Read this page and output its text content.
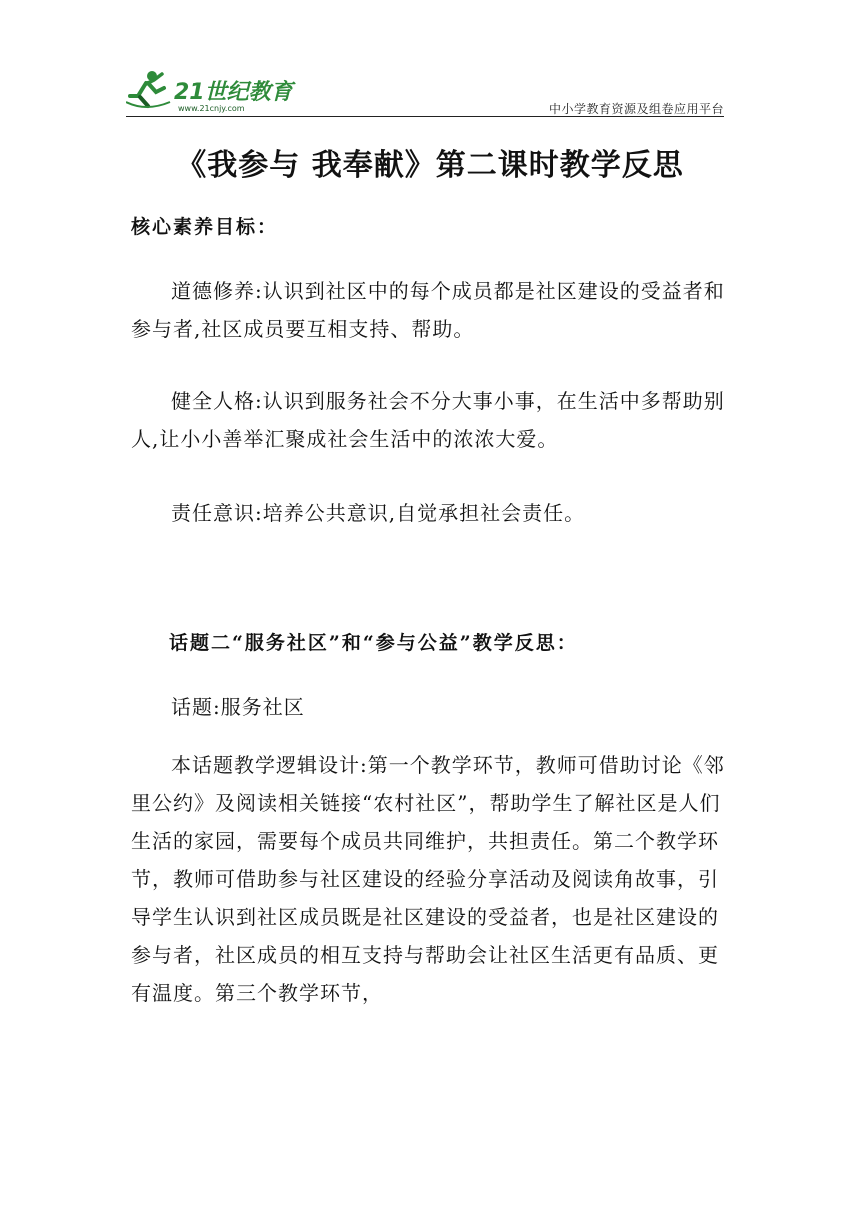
21世纪教育
www.21cnjy.com	中小学教育资源及组卷应用平台
《我参与 我奉献》第二课时教学反思
核心素养目标：

道德修养:认识到社区中的每个成员都是社区建设的受益者和参与者,社区成员要互相支持、帮助。

健全人格:认识到服务社会不分大事小事，在生活中多帮助别人,让小小善举汇聚成社会生活中的浓浓大爱。

责任意识:培养公共意识,自觉承担社会责任。

话题二“服务社区”和“参与公益”教学反思：

话题:服务社区

本话题教学逻辑设计:第一个教学环节，教师可借助讨论《邻里公约》及阅读相关链接“农村社区”，帮助学生了解社区是人们生活的家园，需要每个成员共同维护，共担责任。第二个教学环节，教师可借助参与社区建设的经验分享活动及阅读角故事，引导学生认识到社区成员既是社区建设的受益者，也是社区建设的参与者，社区成员的相互支持与帮助会让社区生活更有品质、更有温度。第三个教学环节，
